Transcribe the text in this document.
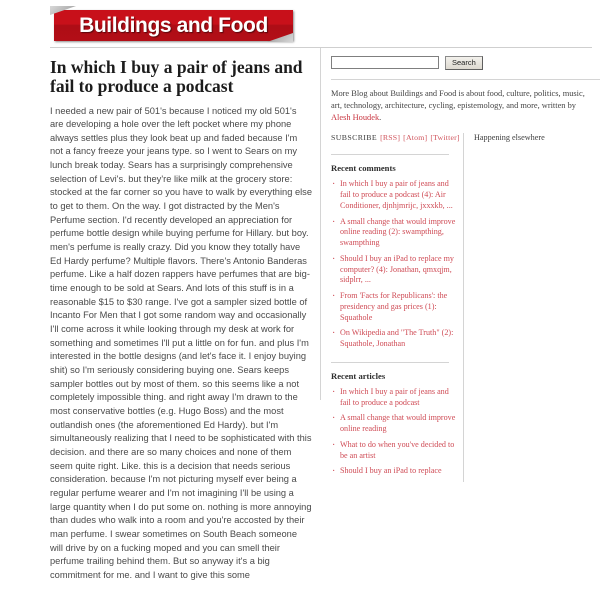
Buildings and Food
In which I buy a pair of jeans and fail to produce a podcast

I needed a new pair of 501's because I noticed my old 501's are developing a hole over the left pocket where my phone always settles plus they look beat up and faded because I'm not a fancy freeze your jeans type. so I went to Sears on my lunch break today. Sears has a surprisingly comprehensive selection of Levi's. but they're like milk at the grocery store: stocked at the far corner so you have to walk by everything else to get to them. On the way. I got distracted by the Men's Perfume section. I'd recently developed an appreciation for perfume bottle design while buying perfume for Hillary. but boy. men's perfume is really crazy. Did you know they totally have Ed Hardy perfume? Multiple flavors. There's Antonio Banderas perfume. Like a half dozen rappers have perfumes that are big-time enough to be sold at Sears. And lots of this stuff is in a reasonable $15 to $30 range. I've got a sampler sized bottle of Incanto For Men that I got some random way and occasionally I'll come across it while looking through my desk at work for something and sometimes I'll put a little on for fun. and plus I'm interested in the bottle designs (and let's face it. I enjoy buying shit) so I'm seriously considering buying one. Sears keeps sampler bottles out by most of them. so this seems like a not completely impossible thing. and right away I'm drawn to the most conservative bottles (e.g. Hugo Boss) and the most outlandish ones (the aforementioned Ed Hardy). but I'm simultaneously realizing that I need to be sophisticated with this decision. and there are so many choices and none of them seem quite right. Like. this is a decision that needs serious consideration. because I'm not picturing myself ever being a regular perfume wearer and I'm not imagining I'll be using a large quantity when I do put some on. nothing is more annoying than dudes who walk into a room and you're accosted by their man perfume. I swear sometimes on South Beach someone will drive by on a fucking moped and you can smell their perfume trailing behind them. But so anyway it's a big commitment for me. and I want to give this some

Search

More Blog about Buildings and Food is about food, culture, politics, music, art, technology, architecture, cycling, epistemology, and more, written by Alesh Houdek.

SUBSCRIBE [RSS] [Atom] [Twitter]
Recent comments
· In which I buy a pair of jeans and fail to produce a podcast (4): Air Conditioner, djnhjmrijc, jxxxkb, ...
· A small change that would improve online reading (2): swampthing, swampthing
· Should I buy an iPad to replace my computer? (4): Jonathan, qmxqjm, sidplrr, ...
· From 'Facts for Republicans': the presidency and gas prices (1): Squathole
· On Wikipedia and "The Truth" (2): Squathole, Jonathan
Recent articles
· In which I buy a pair of jeans and fail to produce a podcast
· A small change that would improve online reading
· What to do when you've decided to be an artist
· Should I buy an iPad to replace
Happening elsewhere
